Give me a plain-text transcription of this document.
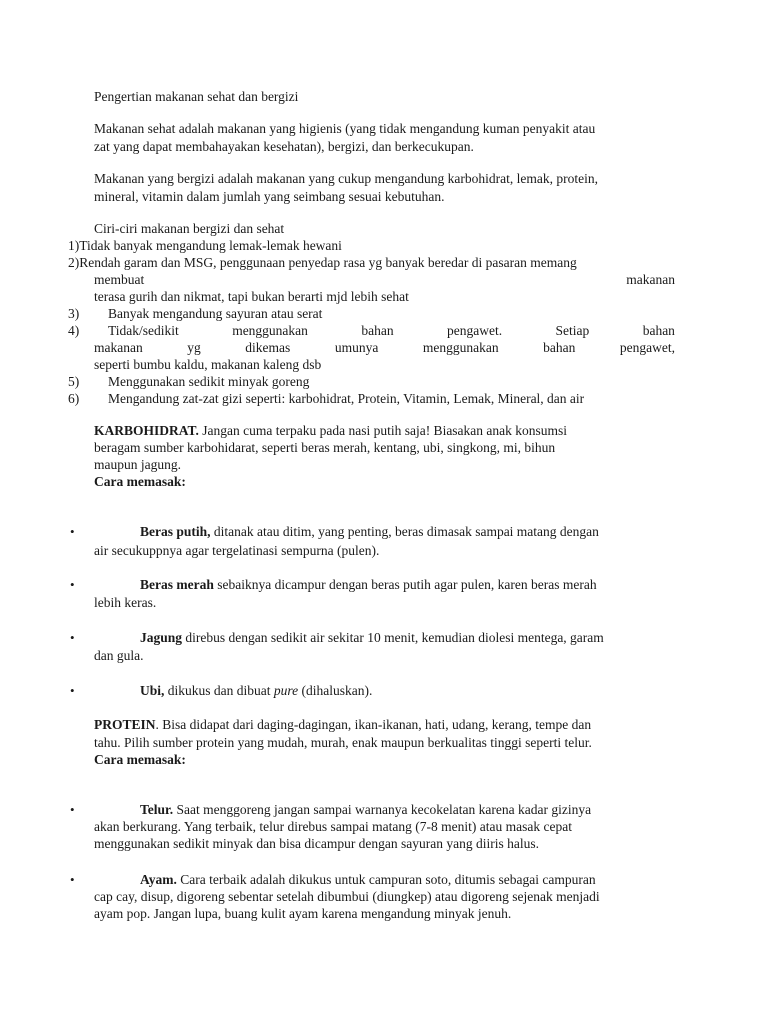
Pengertian makanan sehat dan bergizi
Makanan sehat adalah makanan yang higienis (yang tidak mengandung kuman penyakit atau
zat yang dapat membahayakan kesehatan), bergizi, dan berkecukupan.
Makanan yang bergizi adalah makanan yang cukup mengandung karbohidrat, lemak, protein,
mineral, vitamin dalam jumlah yang seimbang sesuai kebutuhan.
Ciri-ciri makanan bergizi dan sehat
1)Tidak banyak mengandung lemak-lemak hewani
2)Rendah garam dan MSG, penggunaan penyedap rasa yg banyak beredar di pasaran memang
membuat	makanan
terasa gurih dan nikmat, tapi bukan berarti mjd lebih sehat
3) Banyak mengandung sayuran atau serat
4) Tidak/sedikit	menggunakan	bahan	pengawet.	Setiap	bahan
makanan	yg	dikemas	umunya	menggunakan	bahan	pengawet,
seperti bumbu kaldu, makanan kaleng dsb
5) Menggunakan sedikit minyak goreng
6) Mengandung zat-zat gizi seperti: karbohidrat, Protein, Vitamin, Lemak, Mineral, dan air
KARBOHIDRAT. Jangan cuma terpaku pada nasi putih saja! Biasakan anak konsumsi
beragam sumber karbohidarat, seperti beras merah, kentang, ubi, singkong, mi, bihun
maupun jagung.
Cara memasak:
•	Beras putih, ditanak atau ditim, yang penting, beras dimasak sampai matang dengan
air secukuppnya agar tergelatinasi sempurna (pulen).
•	Beras merah sebaiknya dicampur dengan beras putih agar pulen, karen beras merah
lebih keras.
•	Jagung direbus dengan sedikit air sekitar 10 menit, kemudian diolesi mentega, garam
dan gula.
•	Ubi, dikukus dan dibuat pure (dihaluskan).
PROTEIN. Bisa didapat dari daging-dagingan, ikan-ikanan, hati, udang, kerang, tempe dan
tahu. Pilih sumber protein yang mudah, murah, enak maupun berkualitas tinggi seperti telur.
Cara memasak:
•	Telur. Saat menggoreng jangan sampai warnanya kecokelatan karena kadar gizinya
akan berkurang. Yang terbaik, telur direbus sampai matang (7-8 menit) atau masak cepat
menggunakan sedikit minyak dan bisa dicampur dengan sayuran yang diiris halus.
•	Ayam. Cara terbaik adalah dikukus untuk campuran soto, ditumis sebagai campuran
cap cay, disup, digoreng sebentar setelah dibumbui (diungkep) atau digoreng sejenak menjadi
ayam pop. Jangan lupa, buang kulit ayam karena mengandung minyak jenuh.
